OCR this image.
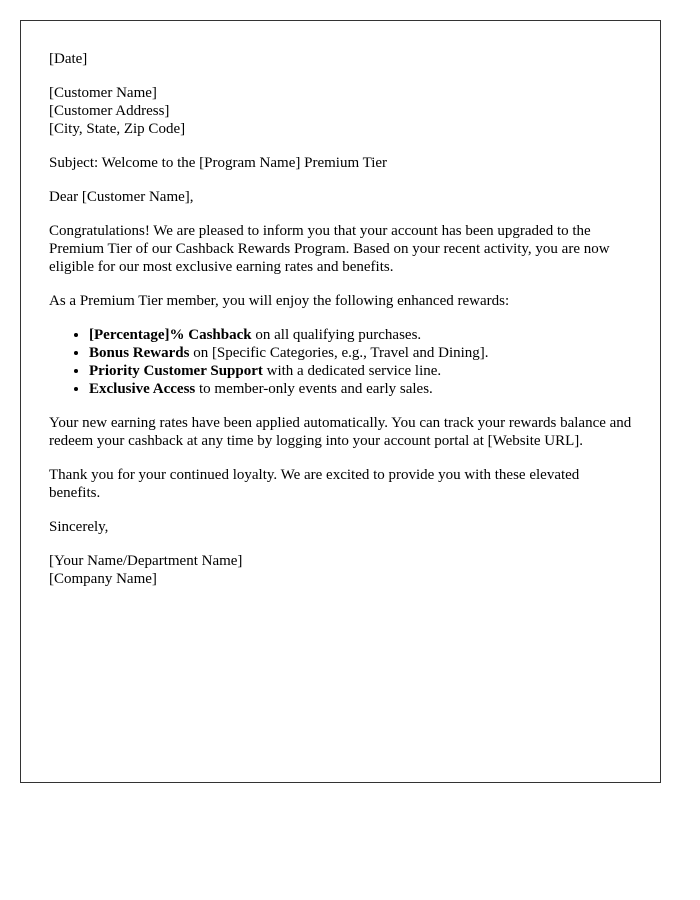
[Date]

[Customer Name]
[Customer Address]
[City, State, Zip Code]

Subject: Welcome to the [Program Name] Premium Tier

Dear [Customer Name],

Congratulations! We are pleased to inform you that your account has been upgraded to the Premium Tier of our Cashback Rewards Program. Based on your recent activity, you are now eligible for our most exclusive earning rates and benefits.

As a Premium Tier member, you will enjoy the following enhanced rewards:

• [Percentage]% Cashback on all qualifying purchases.
• Bonus Rewards on [Specific Categories, e.g., Travel and Dining].
• Priority Customer Support with a dedicated service line.
• Exclusive Access to member-only events and early sales.

Your new earning rates have been applied automatically. You can track your rewards balance and redeem your cashback at any time by logging into your account portal at [Website URL].

Thank you for your continued loyalty. We are excited to provide you with these elevated benefits.

Sincerely,

[Your Name/Department Name]
[Company Name]
